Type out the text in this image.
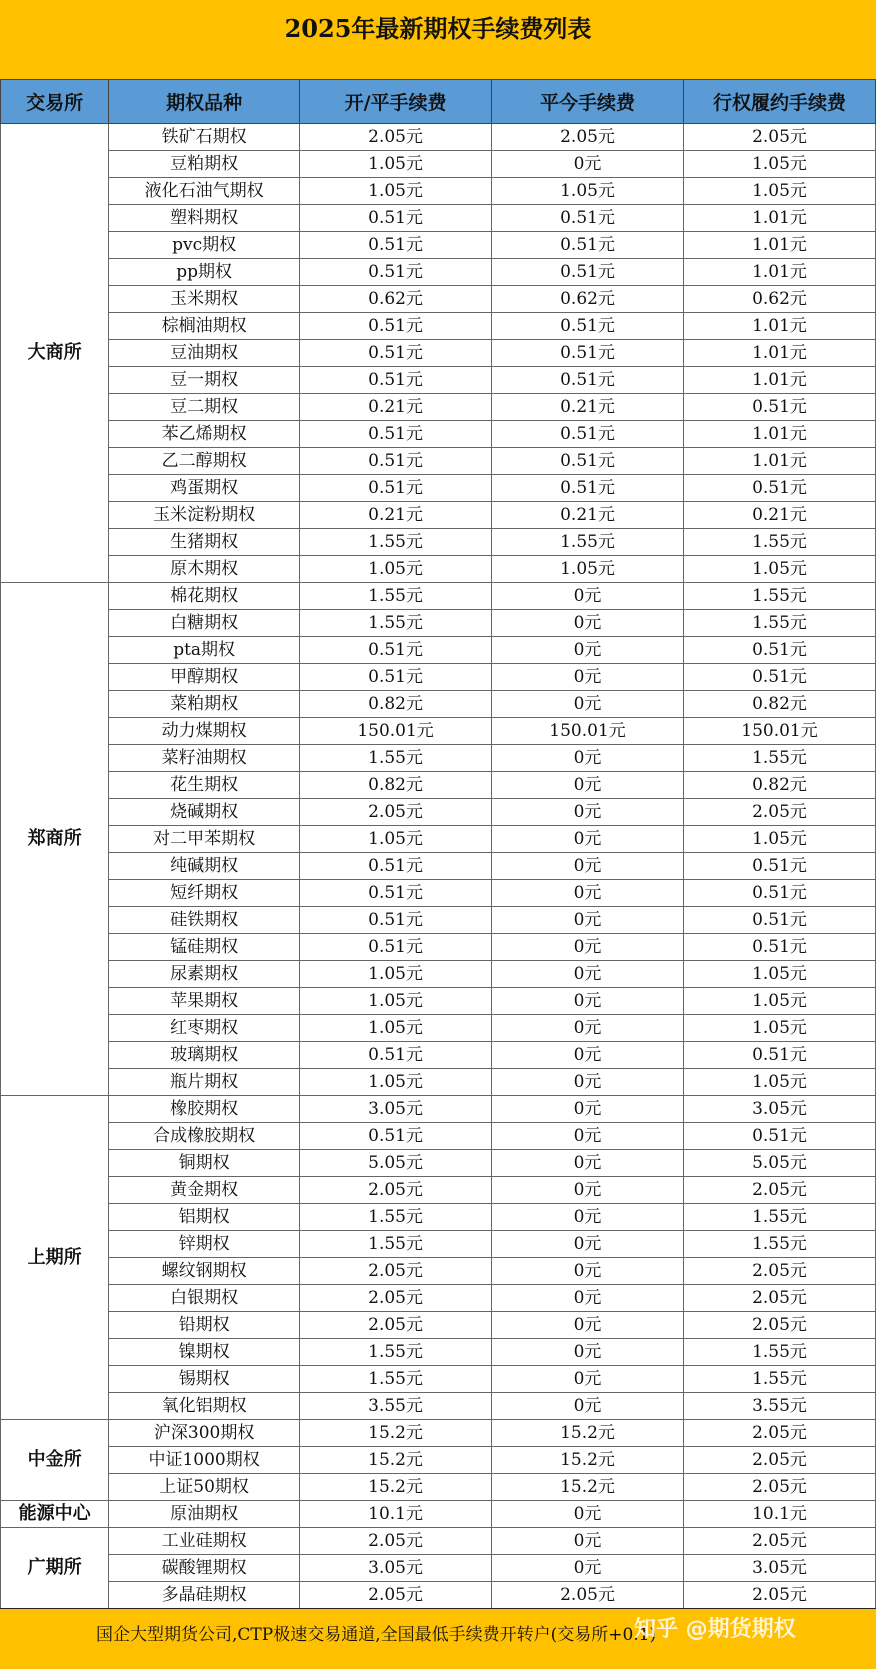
2025年最新期权手续费列表
交易所	期权品种	开/平手续费	平今手续费	行权履约手续费
大商所	铁矿石期权	2.05元	2.05元	2.05元
	豆粕期权	1.05元	0元	1.05元
	液化石油气期权	1.05元	1.05元	1.05元
	塑料期权	0.51元	0.51元	1.01元
	pvc期权	0.51元	0.51元	1.01元
	pp期权	0.51元	0.51元	1.01元
	玉米期权	0.62元	0.62元	0.62元
	棕榈油期权	0.51元	0.51元	1.01元
	豆油期权	0.51元	0.51元	1.01元
	豆一期权	0.51元	0.51元	1.01元
	豆二期权	0.21元	0.21元	0.51元
	苯乙烯期权	0.51元	0.51元	1.01元
	乙二醇期权	0.51元	0.51元	1.01元
	鸡蛋期权	0.51元	0.51元	0.51元
	玉米淀粉期权	0.21元	0.21元	0.21元
	生猪期权	1.55元	1.55元	1.55元
	原木期权	1.05元	1.05元	1.05元
郑商所	棉花期权	1.55元	0元	1.55元
	白糖期权	1.55元	0元	1.55元
	pta期权	0.51元	0元	0.51元
	甲醇期权	0.51元	0元	0.51元
	菜粕期权	0.82元	0元	0.82元
	动力煤期权	150.01元	150.01元	150.01元
	菜籽油期权	1.55元	0元	1.55元
	花生期权	0.82元	0元	0.82元
	烧碱期权	2.05元	0元	2.05元
	对二甲苯期权	1.05元	0元	1.05元
	纯碱期权	0.51元	0元	0.51元
	短纤期权	0.51元	0元	0.51元
	硅铁期权	0.51元	0元	0.51元
	锰硅期权	0.51元	0元	0.51元
	尿素期权	1.05元	0元	1.05元
	苹果期权	1.05元	0元	1.05元
	红枣期权	1.05元	0元	1.05元
	玻璃期权	0.51元	0元	0.51元
	瓶片期权	1.05元	0元	1.05元
上期所	橡胶期权	3.05元	0元	3.05元
	合成橡胶期权	0.51元	0元	0.51元
	铜期权	5.05元	0元	5.05元
	黄金期权	2.05元	0元	2.05元
	铝期权	1.55元	0元	1.55元
	锌期权	1.55元	0元	1.55元
	螺纹钢期权	2.05元	0元	2.05元
	白银期权	2.05元	0元	2.05元
	铅期权	2.05元	0元	2.05元
	镍期权	1.55元	0元	1.55元
	锡期权	1.55元	0元	1.55元
	氧化铝期权	3.55元	0元	3.55元
中金所	沪深300期权	15.2元	15.2元	2.05元
	中证1000期权	15.2元	15.2元	2.05元
	上证50期权	15.2元	15.2元	2.05元
能源中心	原油期权	10.1元	0元	10.1元
广期所	工业硅期权	2.05元	0元	2.05元
	碳酸锂期权	3.05元	0元	3.05元
	多晶硅期权	2.05元	2.05元	2.05元
国企大型期货公司,CTP极速交易通道,全国最低手续费开转户(交易所+0.1)
知乎 @期货期权
